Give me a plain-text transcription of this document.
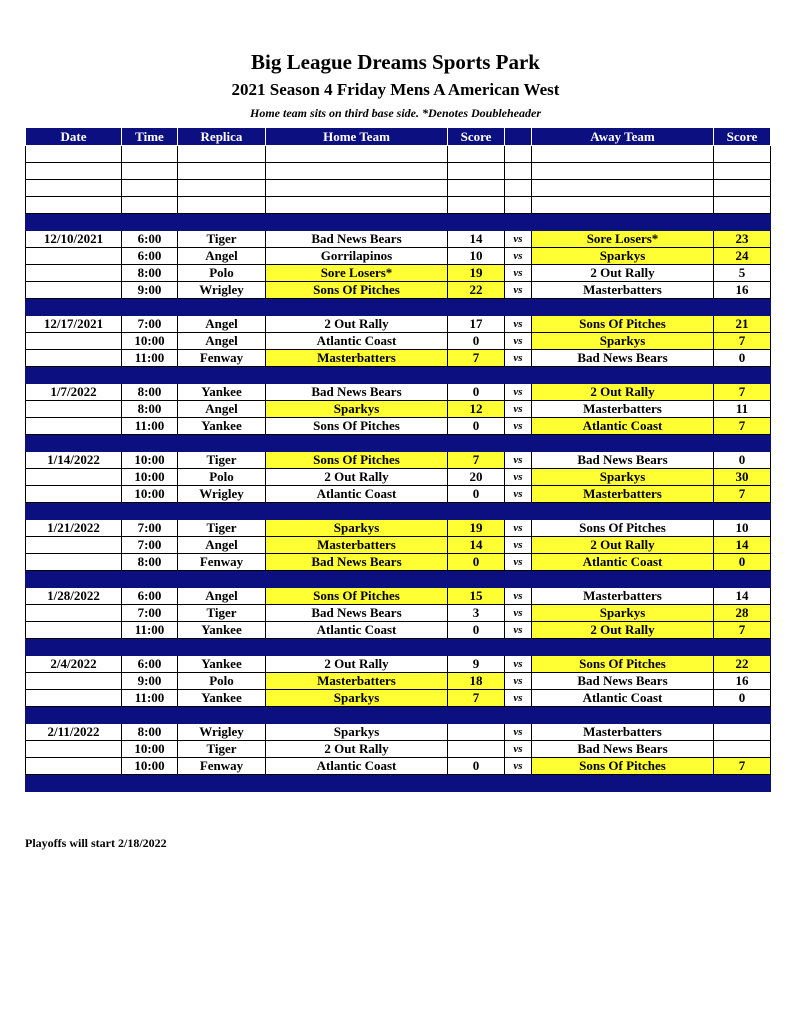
Big League Dreams Sports Park
2021 Season 4 Friday Mens A American West

Home team sits on third base side. *Denotes Doubleheader

Date	Time	Replica	Home Team	Score		Away Team	Score

12/10/2021	6:00	Tiger	Bad News Bears	14	vs	Sore Losers*	23
	6:00	Angel	Gorrilapinos	10	vs	Sparkys	24
	8:00	Polo	Sore Losers*	19	vs	2 Out Rally	5
	9:00	Wrigley	Sons Of Pitches	22	vs	Masterbatters	16

12/17/2021	7:00	Angel	2 Out Rally	17	vs	Sons Of Pitches	21
	10:00	Angel	Atlantic Coast	0	vs	Sparkys	7
	11:00	Fenway	Masterbatters	7	vs	Bad News Bears	0

1/7/2022	8:00	Yankee	Bad News Bears	0	vs	2 Out Rally	7
	8:00	Angel	Sparkys	12	vs	Masterbatters	11
	11:00	Yankee	Sons Of Pitches	0	vs	Atlantic Coast	7

1/14/2022	10:00	Tiger	Sons Of Pitches	7	vs	Bad News Bears	0
	10:00	Polo	2 Out Rally	20	vs	Sparkys	30
	10:00	Wrigley	Atlantic Coast	0	vs	Masterbatters	7

1/21/2022	7:00	Tiger	Sparkys	19	vs	Sons Of Pitches	10
	7:00	Angel	Masterbatters	14	vs	2 Out Rally	14
	8:00	Fenway	Bad News Bears	0	vs	Atlantic Coast	0

1/28/2022	6:00	Angel	Sons Of Pitches	15	vs	Masterbatters	14
	7:00	Tiger	Bad News Bears	3	vs	Sparkys	28
	11:00	Yankee	Atlantic Coast	0	vs	2 Out Rally	7

2/4/2022	6:00	Yankee	2 Out Rally	9	vs	Sons Of Pitches	22
	9:00	Polo	Masterbatters	18	vs	Bad News Bears	16
	11:00	Yankee	Sparkys	7	vs	Atlantic Coast	0

2/11/2022	8:00	Wrigley	Sparkys		vs	Masterbatters	
	10:00	Tiger	2 Out Rally		vs	Bad News Bears	
	10:00	Fenway	Atlantic Coast	0	vs	Sons Of Pitches	7

Playoffs will start 2/18/2022
